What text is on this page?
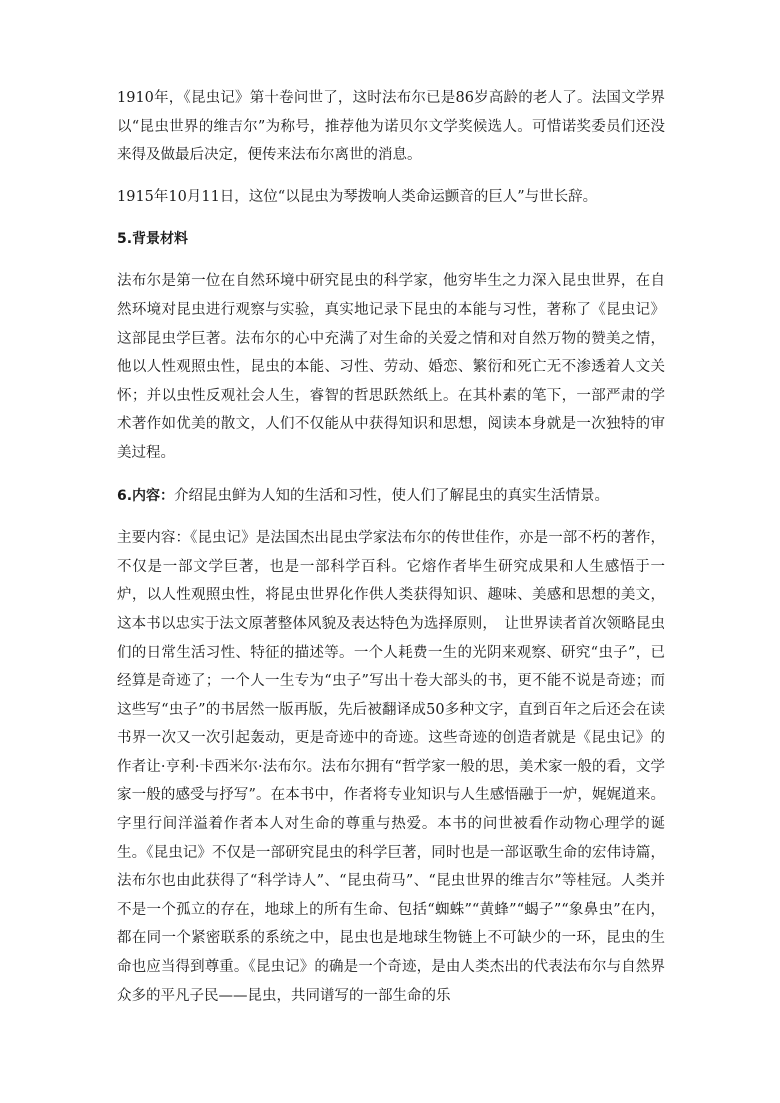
1910年，《昆虫记》第十卷问世了，这时法布尔已是86岁高龄的老人了。法国文学界以“昆虫世界的维吉尔”为称号，推荐他为诺贝尔文学奖候选人。可惜诺奖委员们还没来得及做最后决定，便传来法布尔离世的消息。

1915年10月11日，这位“以昆虫为琴拨响人类命运颤音的巨人”与世长辞。

5.背景材料

法布尔是第一位在自然环境中研究昆虫的科学家，他穷毕生之力深入昆虫世界，在自然环境对昆虫进行观察与实验，真实地记录下昆虫的本能与习性，著称了《昆虫记》这部昆虫学巨著。法布尔的心中充满了对生命的关爱之情和对自然万物的赞美之情，他以人性观照虫性，昆虫的本能、习性、劳动、婚恋、繁衍和死亡无不渗透着人文关怀；并以虫性反观社会人生，睿智的哲思跃然纸上。在其朴素的笔下，一部严肃的学术著作如优美的散文，人们不仅能从中获得知识和思想，阅读本身就是一次独特的审美过程。

6.内容：介绍昆虫鲜为人知的生活和习性，使人们了解昆虫的真实生活情景。

主要内容：《昆虫记》是法国杰出昆虫学家法布尔的传世佳作，亦是一部不朽的著作，不仅是一部文学巨著，也是一部科学百科。它熔作者毕生研究成果和人生感悟于一炉，以人性观照虫性，将昆虫世界化作供人类获得知识、趣味、美感和思想的美文，这本书以忠实于法文原著整体风貌及表达特色为选择原则，　让世界读者首次领略昆虫们的日常生活习性、特征的描述等。一个人耗费一生的光阴来观察、研究“虫子”，已经算是奇迹了；一个人一生专为“虫子”写出十卷大部头的书，更不能不说是奇迹；而这些写“虫子”的书居然一版再版，先后被翻译成50多种文字，直到百年之后还会在读书界一次又一次引起轰动，更是奇迹中的奇迹。这些奇迹的创造者就是《昆虫记》的作者让·亨利·卡西米尔·法布尔。法布尔拥有“哲学家一般的思，美术家一般的看，文学家一般的感受与抒写”。在本书中，作者将专业知识与人生感悟融于一炉，娓娓道来。字里行间洋溢着作者本人对生命的尊重与热爱。本书的问世被看作动物心理学的诞生。《昆虫记》不仅是一部研究昆虫的科学巨著，同时也是一部讴歌生命的宏伟诗篇，法布尔也由此获得了“科学诗人”、“昆虫荷马”、“昆虫世界的维吉尔”等桂冠。人类并不是一个孤立的存在，地球上的所有生命、包括“蜘蛛”“黄蜂”“蝎子”“象鼻虫”在内，都在同一个紧密联系的系统之中，昆虫也是地球生物链上不可缺少的一环，昆虫的生命也应当得到尊重。《昆虫记》的确是一个奇迹，是由人类杰出的代表法布尔与自然界众多的平凡子民——昆虫，共同谱写的一部生命的乐
